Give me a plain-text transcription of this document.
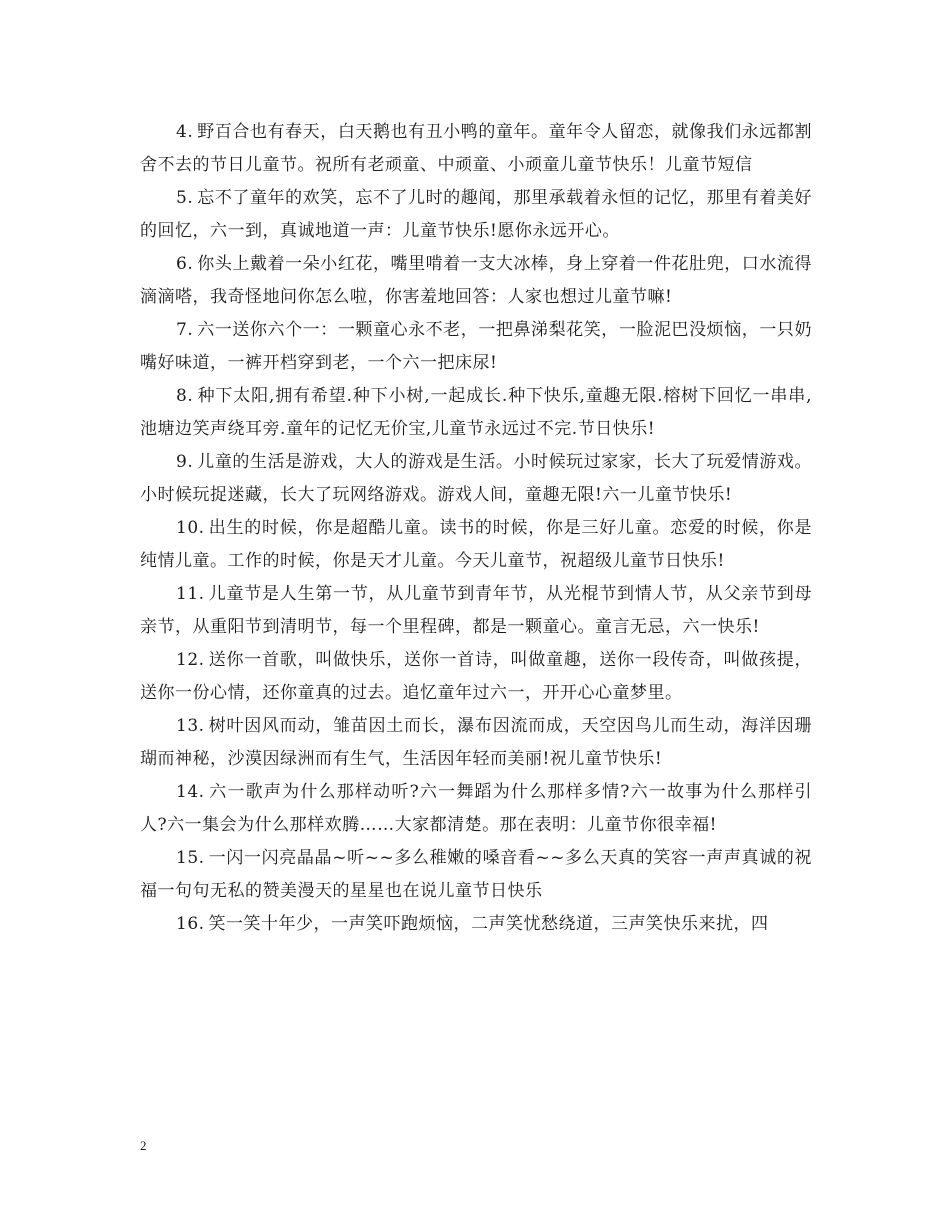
4. 野百合也有春天，白天鹅也有丑小鸭的童年。童年令人留恋，就像我们永远都割舍不去的节日儿童节。祝所有老顽童、中顽童、小顽童儿童节快乐！儿童节短信

5. 忘不了童年的欢笑，忘不了儿时的趣闻，那里承载着永恒的记忆，那里有着美好的回忆，六一到，真诚地道一声：儿童节快乐!愿你永远开心。

6. 你头上戴着一朵小红花，嘴里啃着一支大冰棒，身上穿着一件花肚兜，口水流得滴滴嗒，我奇怪地问你怎么啦，你害羞地回答：人家也想过儿童节嘛!

7. 六一送你六个一：一颗童心永不老，一把鼻涕梨花笑，一脸泥巴没烦恼，一只奶嘴好味道，一裤开档穿到老，一个六一把床尿!

8. 种下太阳,拥有希望.种下小树,一起成长.种下快乐,童趣无限.榕树下回忆一串串,池塘边笑声绕耳旁.童年的记忆无价宝,儿童节永远过不完.节日快乐!

9. 儿童的生活是游戏，大人的游戏是生活。小时候玩过家家，长大了玩爱情游戏。小时候玩捉迷藏，长大了玩网络游戏。游戏人间，童趣无限!六一儿童节快乐!

10. 出生的时候，你是超酷儿童。读书的时候，你是三好儿童。恋爱的时候，你是纯情儿童。工作的时候，你是天才儿童。今天儿童节，祝超级儿童节日快乐!

11. 儿童节是人生第一节，从儿童节到青年节，从光棍节到情人节，从父亲节到母亲节，从重阳节到清明节，每一个里程碑，都是一颗童心。童言无忌，六一快乐!

12. 送你一首歌，叫做快乐，送你一首诗，叫做童趣，送你一段传奇，叫做孩提，送你一份心情，还你童真的过去。追忆童年过六一，开开心心童梦里。

13. 树叶因风而动，雏苗因土而长，瀑布因流而成，天空因鸟儿而生动，海洋因珊瑚而神秘，沙漠因绿洲而有生气，生活因年轻而美丽!祝儿童节快乐!

14. 六一歌声为什么那样动听?六一舞蹈为什么那样多情?六一故事为什么那样引人?六一集会为什么那样欢腾……大家都清楚。那在表明：儿童节你很幸福!

15. 一闪一闪亮晶晶~听~~多么稚嫩的嗓音看~~多么天真的笑容一声声真诚的祝福一句句无私的赞美漫天的星星也在说儿童节日快乐

16. 笑一笑十年少，一声笑吓跑烦恼，二声笑忧愁绕道，三声笑快乐来扰，四

2
